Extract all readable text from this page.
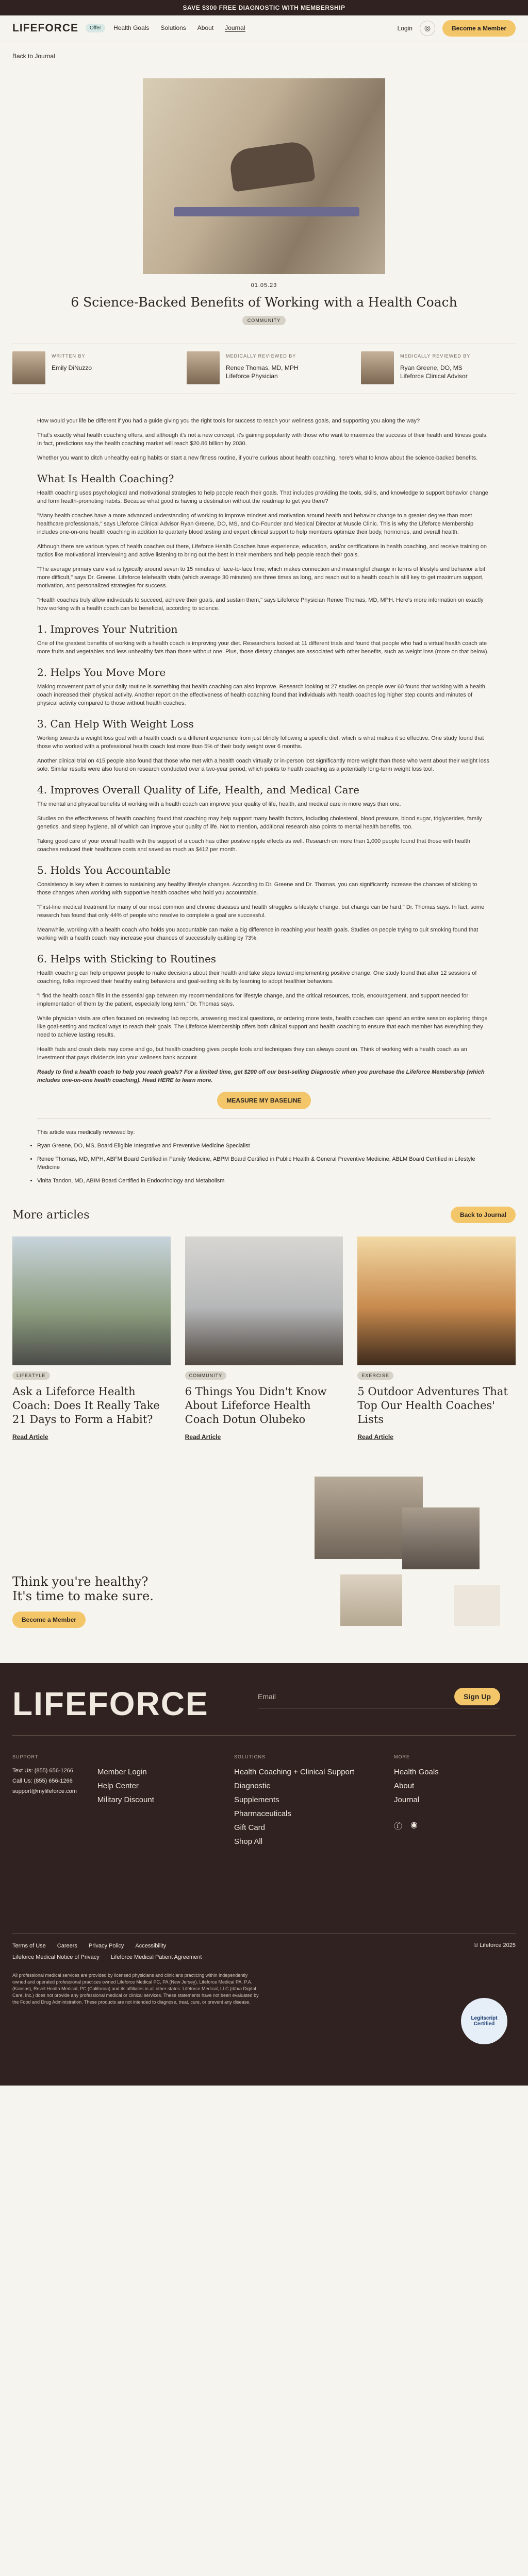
SAVE $300 FREE DIAGNOSTIC WITH MEMBERSHIP
LIFEFORCE	Offer	Health Goals Solutions About Journal	Login	◎	Become a Member
Back to Journal
01.05.23
6 Science-Backed Benefits of Working with a Health Coach
COMMUNITY
WRITTEN BY
Emily DiNuzzo
MEDICALLY REVIEWED BY
Renee Thomas, MD, MPH
Lifeforce Physician
MEDICALLY REVIEWED BY
Ryan Greene, DO, MS
Lifeforce Clinical Advisor

How would your life be different if you had a guide giving you the right tools for success to reach your wellness goals, and supporting you along the way?

That's exactly what health coaching offers, and although it's not a new concept, it's gaining popularity with those who want to maximize the success of their health and fitness goals. In fact, predictions say the health coaching market will reach $20.86 billion by 2030.

Whether you want to ditch unhealthy eating habits or start a new fitness routine, if you're curious about health coaching, here's what to know about the science-backed benefits.

What Is Health Coaching?

Health coaching uses psychological and motivational strategies to help people reach their goals. That includes providing the tools, skills, and knowledge to support behavior change and form health-promoting habits. Because what good is having a destination without the roadmap to get you there?

"Many health coaches have a more advanced understanding of working to improve mindset and motivation around health and behavior change to a greater degree than most healthcare professionals," says Lifeforce Clinical Advisor Ryan Greene, DO, MS, and Co-Founder and Medical Director at Muscle Clinic. This is why the Lifeforce Membership includes one-on-one health coaching in addition to quarterly blood testing and expert clinical support to help members optimize their body, hormones, and overall health.

Although there are various types of health coaches out there, Lifeforce Health Coaches have experience, education, and/or certifications in health coaching, and receive training on tactics like motivational interviewing and active listening to bring out the best in their members and help people reach their goals.

"The average primary care visit is typically around seven to 15 minutes of face-to-face time, which makes connection and meaningful change in terms of lifestyle and behavior a bit more difficult," says Dr. Greene. Lifeforce telehealth visits (which average 30 minutes) are three times as long, and reach out to a health coach is still key to get maximum support, motivation, and personalized strategies for success.

"Health coaches truly allow individuals to succeed, achieve their goals, and sustain them," says Lifeforce Physician Renee Thomas, MD, MPH. Here's more information on exactly how working with a health coach can be beneficial, according to science.

1. Improves Your Nutrition

One of the greatest benefits of working with a health coach is improving your diet. Researchers looked at 11 different trials and found that people who had a virtual health coach ate more fruits and vegetables and less unhealthy fats than those without one. Plus, those dietary changes are associated with other benefits, such as weight loss (more on that below).

2. Helps You Move More

Making movement part of your daily routine is something that health coaching can also improve. Research looking at 27 studies on people over 60 found that working with a health coach increased their physical activity. Another report on the effectiveness of health coaching found that individuals with health coaches log higher step counts and minutes of physical activity compared to those without health coaches.

3. Can Help With Weight Loss

Working towards a weight loss goal with a health coach is a different experience from just blindly following a specific diet, which is what makes it so effective. One study found that those who worked with a professional health coach lost more than 5% of their body weight over 6 months.

Another clinical trial on 415 people also found that those who met with a health coach virtually or in-person lost significantly more weight than those who went about their weight loss solo. Similar results were also found on research conducted over a two-year period, which points to health coaching as a potentially long-term weight loss tool.

4. Improves Overall Quality of Life, Health, and Medical Care

The mental and physical benefits of working with a health coach can improve your quality of life, health, and medical care in more ways than one.

Studies on the effectiveness of health coaching found that coaching may help support many health factors, including cholesterol, blood pressure, blood sugar, triglycerides, family genetics, and sleep hygiene, all of which can improve your quality of life. Not to mention, additional research also points to mental health benefits, too.

Taking good care of your overall health with the support of a coach has other positive ripple effects as well. Research on more than 1,000 people found that those with health coaches reduced their healthcare costs and saved as much as $412 per month.

5. Holds You Accountable

Consistency is key when it comes to sustaining any healthy lifestyle changes. According to Dr. Greene and Dr. Thomas, you can significantly increase the chances of sticking to those changes when working with supportive health coaches who hold you accountable.

"First-line medical treatment for many of our most common and chronic diseases and health struggles is lifestyle change, but change can be hard," Dr. Thomas says. In fact, some research has found that only 44% of people who resolve to complete a goal are successful.

Meanwhile, working with a health coach who holds you accountable can make a big difference in reaching your health goals. Studies on people trying to quit smoking found that working with a health coach may increase your chances of successfully quitting by 73%.

6. Helps with Sticking to Routines

Health coaching can help empower people to make decisions about their health and take steps toward implementing positive change. One study found that after 12 sessions of coaching, folks improved their healthy eating behaviors and goal-setting skills by learning to adopt healthier behaviors.

"I find the health coach fills in the essential gap between my recommendations for lifestyle change, and the critical resources, tools, encouragement, and support needed for implementation of them by the patient, especially long term," Dr. Thomas says.

While physician visits are often focused on reviewing lab reports, answering medical questions, or ordering more tests, health coaches can spend an entire session exploring things like goal-setting and tactical ways to reach their goals. The Lifeforce Membership offers both clinical support and health coaching to ensure that each member has everything they need to achieve lasting results.

Health fads and crash diets may come and go, but health coaching gives people tools and techniques they can always count on. Think of working with a health coach as an investment that pays dividends into your wellness bank account.

Ready to find a health coach to help you reach goals? For a limited time, get $200 off our best-selling Diagnostic when you purchase the Lifeforce Membership (which includes one-on-one health coaching). Head HERE to learn more.

MEASURE MY BASELINE
This article was medically reviewed by:
• Ryan Greene, DO, MS, Board Eligible Integrative and Preventive Medicine Specialist
• Renee Thomas, MD, MPH, ABFM Board Certified in Family Medicine, ABPM Board Certified in Public Health & General Preventive Medicine, ABLM Board Certified in Lifestyle Medicine
• Vinita Tandon, MD, ABIM Board Certified in Endocrinology and Metabolism
More articles	Back to Journal
LIFESTYLE
Ask a Lifeforce Health Coach: Does It Really Take 21 Days to Form a Habit?
Read Article
COMMUNITY
6 Things You Didn't Know About Lifeforce Health Coach Dotun Olubeko
Read Article
EXERCISE
5 Outdoor Adventures That Top Our Health Coaches' Lists
Read Article
Think you're healthy? It's time to make sure.
Become a Member
LIFEFORCE	Email	Sign Up
SUPPORT
Text Us: (855) 656-1266
Call Us: (855) 656-1266
support@mylifeforce.com
Member Login
Help Center
Military Discount
SOLUTIONS
Health Coaching + Clinical Support
Diagnostic
Supplements
Pharmaceuticals
Gift Card
Shop All
MORE
Health Goals
About
Journal
ⓕ ◉
Terms of Use Careers Privacy Policy Accessibility
Lifeforce Medical Notice of Privacy Lifeforce Medical Patient Agreement
© Lifeforce 2025
All professional medical services are provided by licensed physicians and clinicians practicing within independently owned and operated professional practices owned Lifeforce Medical PC, PA (New Jersey), Lifeforce Medical PA, P.A. (Kansas), Revel Health Medical, PC (California) and its affiliates in all other states. Lifeforce Medical, LLC (d/b/a Digital Care, Inc.) does not provide any professional medical or clinical services. These statements have not been evaluated by the Food and Drug Administration. These products are not intended to diagnose, treat, cure, or prevent any disease.
Legitscript Certified
